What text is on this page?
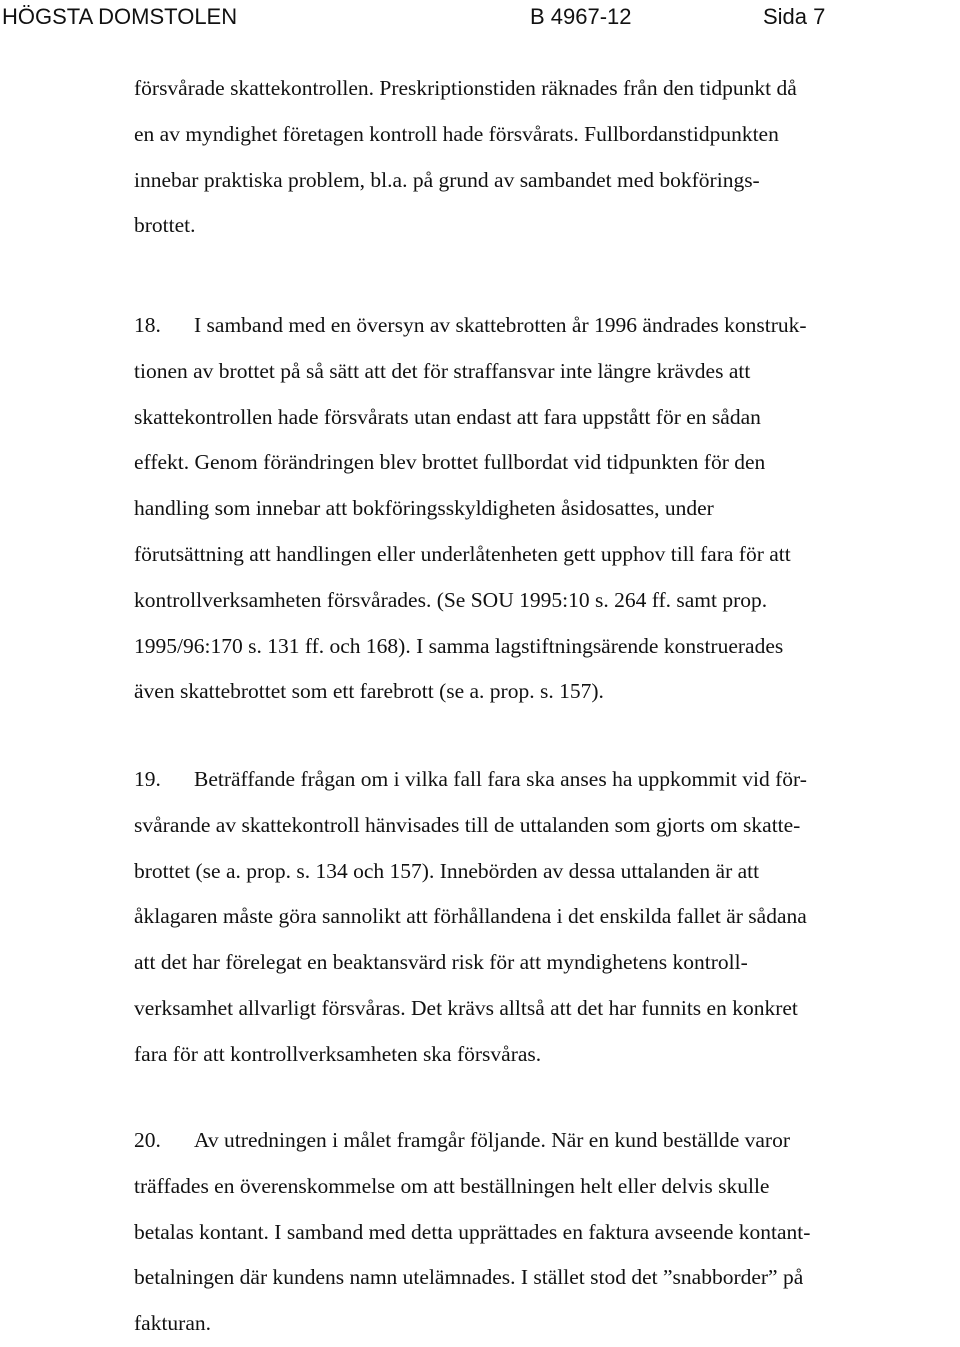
HÖGSTA DOMSTOLEN	B 4967-12	Sida 7
försvårade skattekontrollen. Preskriptionstiden räknades från den tidpunkt då
en av myndighet företagen kontroll hade försvårats. Fullbordanstidpunkten
innebar praktiska problem, bl.a. på grund av sambandet med bokförings-
brottet.
18. I samband med en översyn av skattebrotten år 1996 ändrades konstruk-
tionen av brottet på så sätt att det för straffansvar inte längre krävdes att
skattekontrollen hade försvårats utan endast att fara uppstått för en sådan
effekt. Genom förändringen blev brottet fullbordat vid tidpunkten för den
handling som innebar att bokföringsskyldigheten åsidosattes, under
förutsättning att handlingen eller underlåtenheten gett upphov till fara för att
kontrollverksamheten försvårades. (Se SOU 1995:10 s. 264 ff. samt prop.
1995/96:170 s. 131 ff. och 168). I samma lagstiftningsärende konstruerades
även skattebrottet som ett farebrott (se a. prop. s. 157).
19. Beträffande frågan om i vilka fall fara ska anses ha uppkommit vid för-
svårande av skattekontroll hänvisades till de uttalanden som gjorts om skatte-
brottet (se a. prop. s. 134 och 157). Innebörden av dessa uttalanden är att
åklagaren måste göra sannolikt att förhållandena i det enskilda fallet är sådana
att det har förelegat en beaktansvärd risk för att myndighetens kontroll-
verksamhet allvarligt försvåras. Det krävs alltså att det har funnits en konkret
fara för att kontrollverksamheten ska försvåras.
20. Av utredningen i målet framgår följande. När en kund beställde varor
träffades en överenskommelse om att beställningen helt eller delvis skulle
betalas kontant. I samband med detta upprättades en faktura avseende kontant-
betalningen där kundens namn utelämnades. I stället stod det ”snabborder” på
fakturan.
